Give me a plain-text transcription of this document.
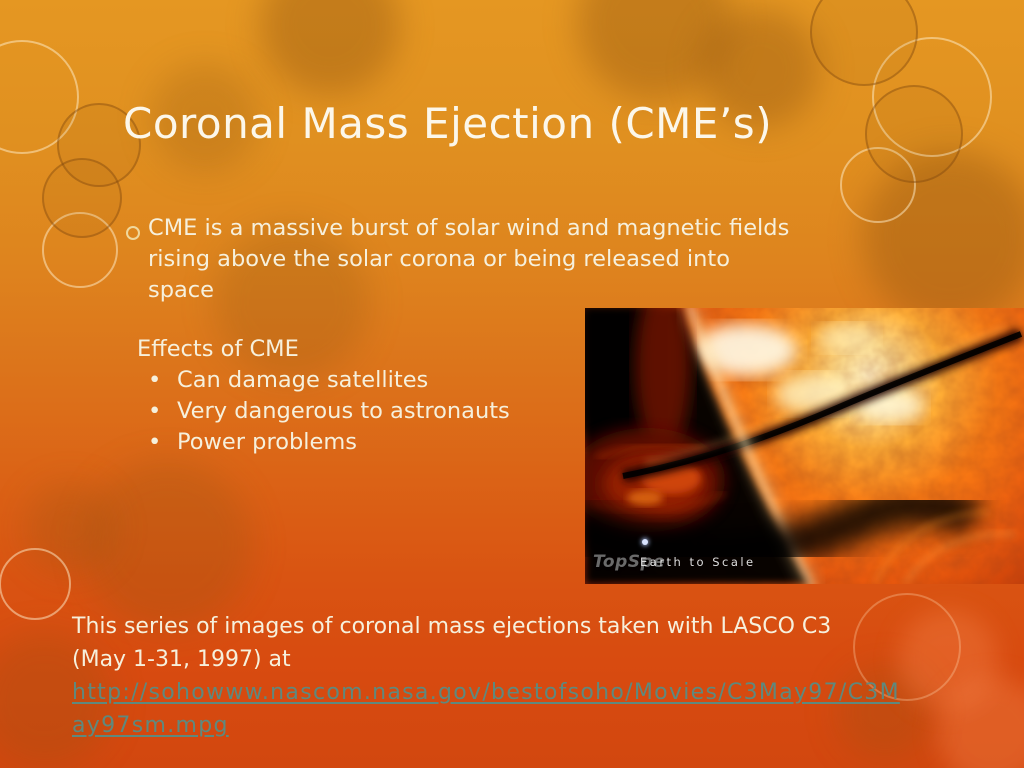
Coronal Mass Ejection (CME’s)
CME is a massive burst of solar wind and magnetic fields
rising above the solar corona or being released into
space
Effects of CME
• Can damage satellites
• Very dangerous to astronauts
• Power problems
TopSpe
Earth to Scale
This series of images of coronal mass ejections taken with LASCO C3
(May 1-31, 1997) at
http://sohowww.nascom.nasa.gov/bestofsoho/Movies/C3May97/C3M
ay97sm.mpg
